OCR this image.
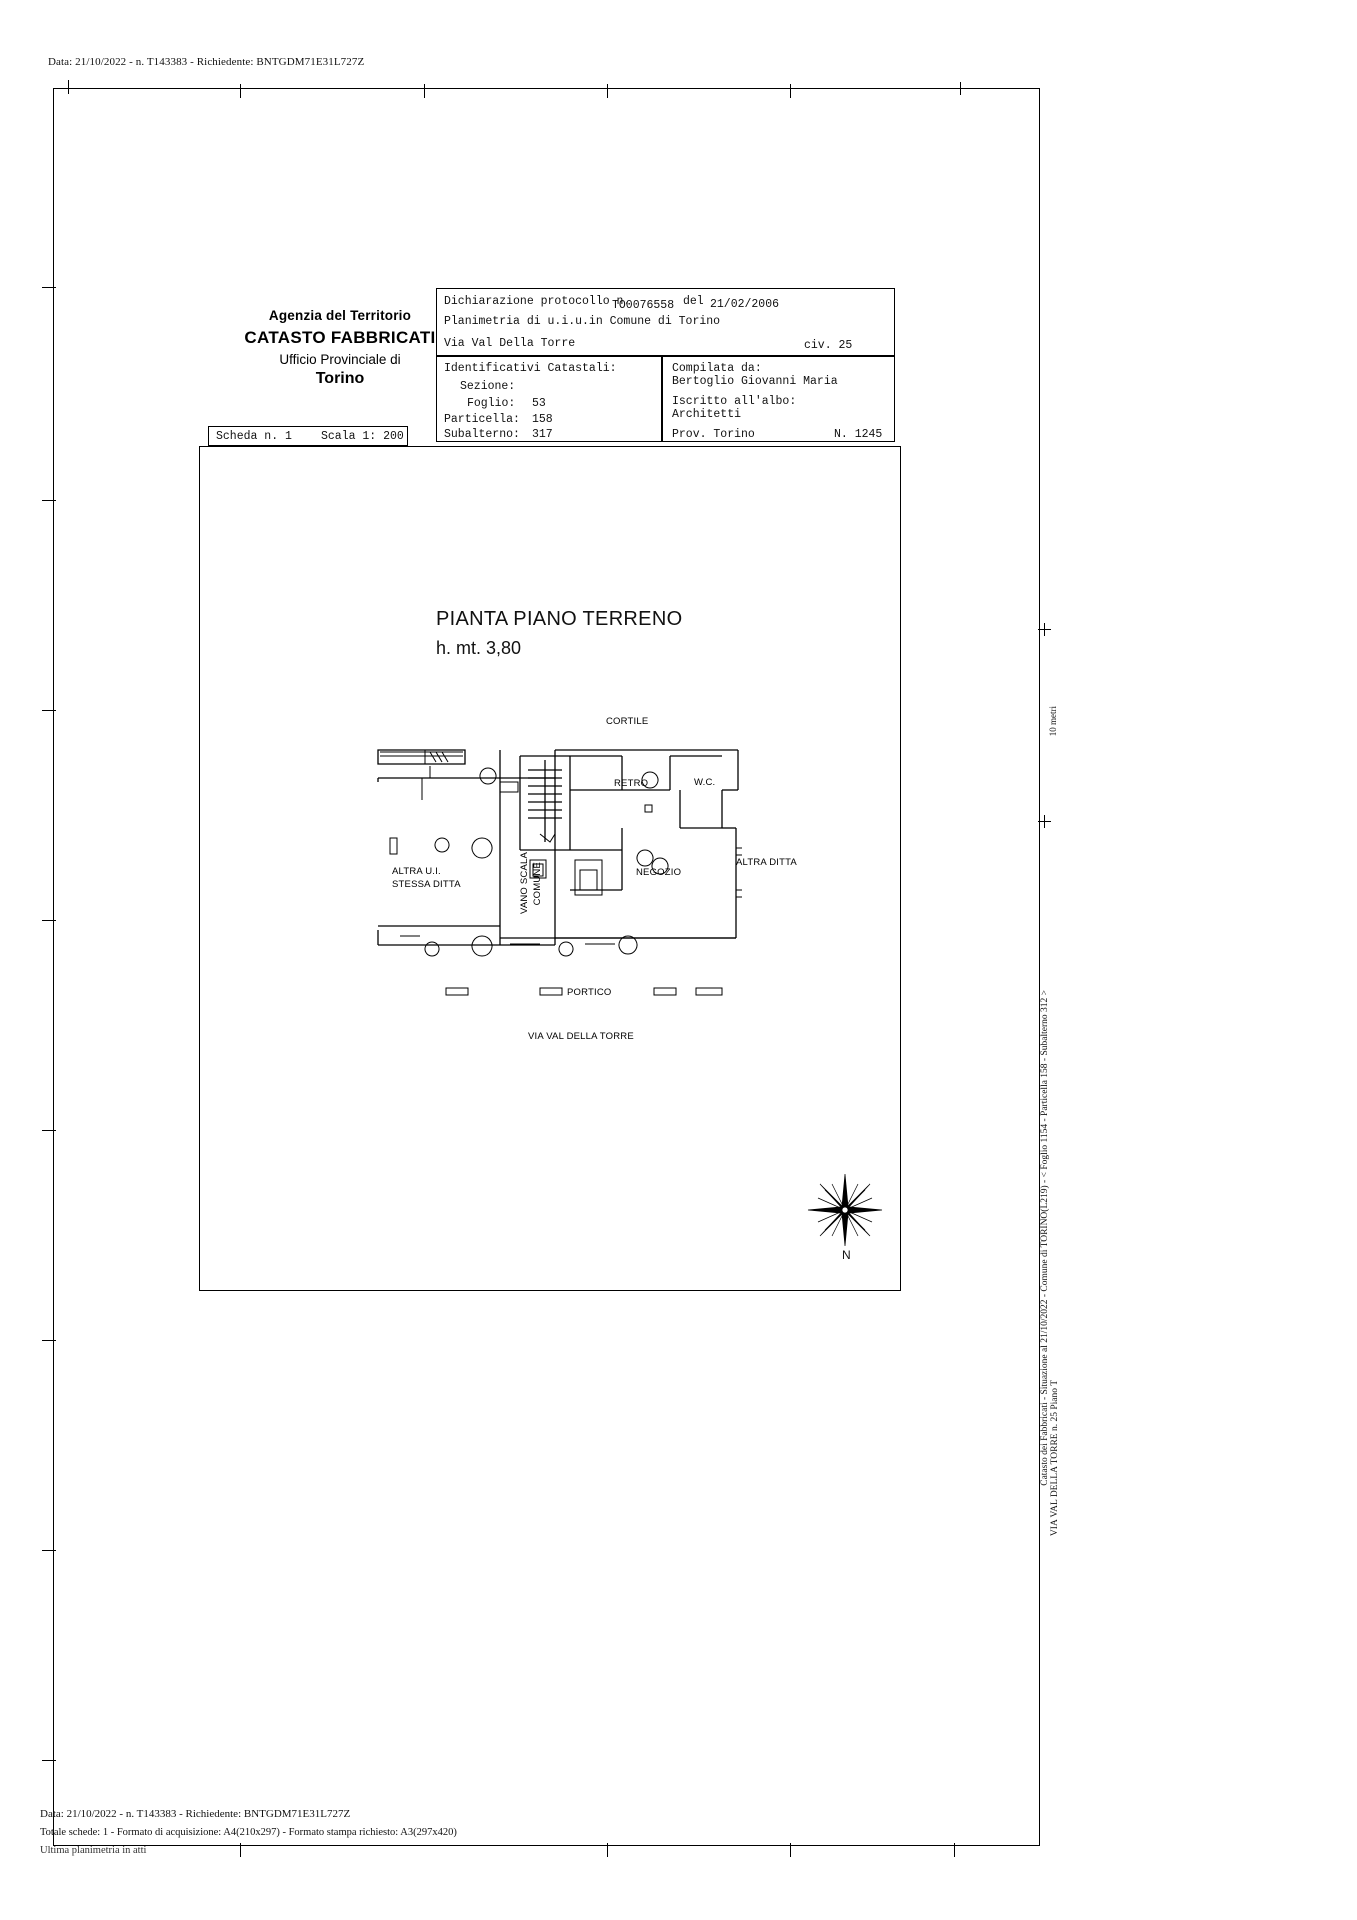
Data: 21/10/2022 - n. T143383 - Richiedente: BNTGDM71E31L727Z
Agenzia del Territorio
CATASTO FABBRICATI
Ufficio Provinciale di
Torino
Dichiarazione protocollo n.
TO0076558 del 21/02/2006
Planimetria di u.i.u.in Comune di Torino
Via Val Della Torre	civ. 25
Identificativi Catastali:
Sezione:
Foglio: 53
Particella: 158
Subalterno: 317
Compilata da:
Bertoglio Giovanni Maria
Iscritto all'albo:
Architetti
Prov. Torino	N. 1245
Scheda n. 1	Scala 1: 200
PIANTA PIANO TERRENO
h. mt. 3,80
CORTILE
RETRO	W.C.
ALTRA U.I.
STESSA DITTA	VANO SCALA COMUNE	NEGOZIO
ALTRA DITTA
PORTICO
VIA VAL DELLA TORRE
N
10 metri
Catasto dei Fabbricati - Situazione al 21/10/2022 - Comune di TORINO(L219) - < Foglio 1154 - Particella 158 - Subalterno 312 > VIA VAL DELLA TORRE n. 25 Piano T
Data: 21/10/2022 - n. T143383 - Richiedente: BNTGDM71E31L727Z
Totale schede: 1 - Formato di acquisizione: A4(210x297) - Formato stampa richiesto: A3(297x420)
Ultima planimetria in atti
